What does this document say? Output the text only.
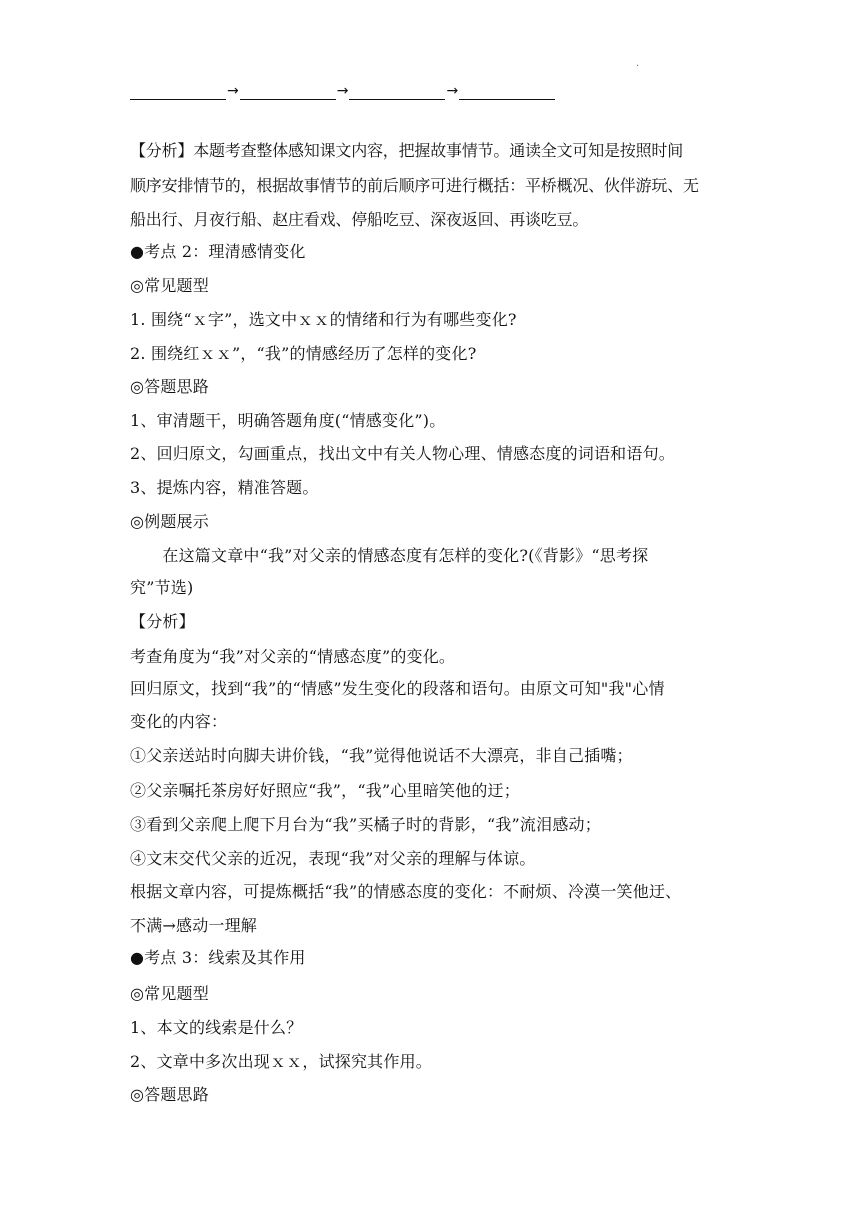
.
→	→	→
【分析】本题考查整体感知课文内容，把握故事情节。通读全文可知是按照时间
顺序安排情节的，根据故事情节的前后顺序可进行概括：平桥概况、伙伴游玩、无
船出行、月夜行船、赵庄看戏、停船吃豆、深夜返回、再谈吃豆。
●考点 2：理清感情变化
◎常见题型
1. 围绕“ｘ字”，选文中ｘｘ的情绪和行为有哪些变化?
2. 围绕红ｘｘ”，“我”的情感经历了怎样的变化?
◎答题思路
1、审清题干，明确答题角度(“情感变化”)。
2、回归原文，勾画重点，找出文中有关人物心理、情感态度的词语和语句。
3、提炼内容，精准答题。
◎例题展示
　　在这篇文章中“我”对父亲的情感态度有怎样的变化?(《背影》“思考探
究”节选)
【分析】
考查角度为“我”对父亲的“情感态度”的变化。
回归原文，找到“我”的“情感”发生变化的段落和语句。由原文可知"我"心情
变化的内容：
①父亲送站时向脚夫讲价钱，“我”觉得他说话不大漂亮，非自己插嘴；
②父亲嘱托茶房好好照应“我”，“我”心里暗笑他的迂；
③看到父亲爬上爬下月台为“我”买橘子时的背影，“我”流泪感动；
④文末交代父亲的近况，表现“我”对父亲的理解与体谅。
根据文章内容，可提炼概括“我”的情感态度的变化：不耐烦、冷漠一笑他迂、
不满→感动一理解
●考点 3：线索及其作用
◎常见题型
1、本文的线索是什么？
2、文章中多次出现ｘｘ，试探究其作用。
◎答题思路
